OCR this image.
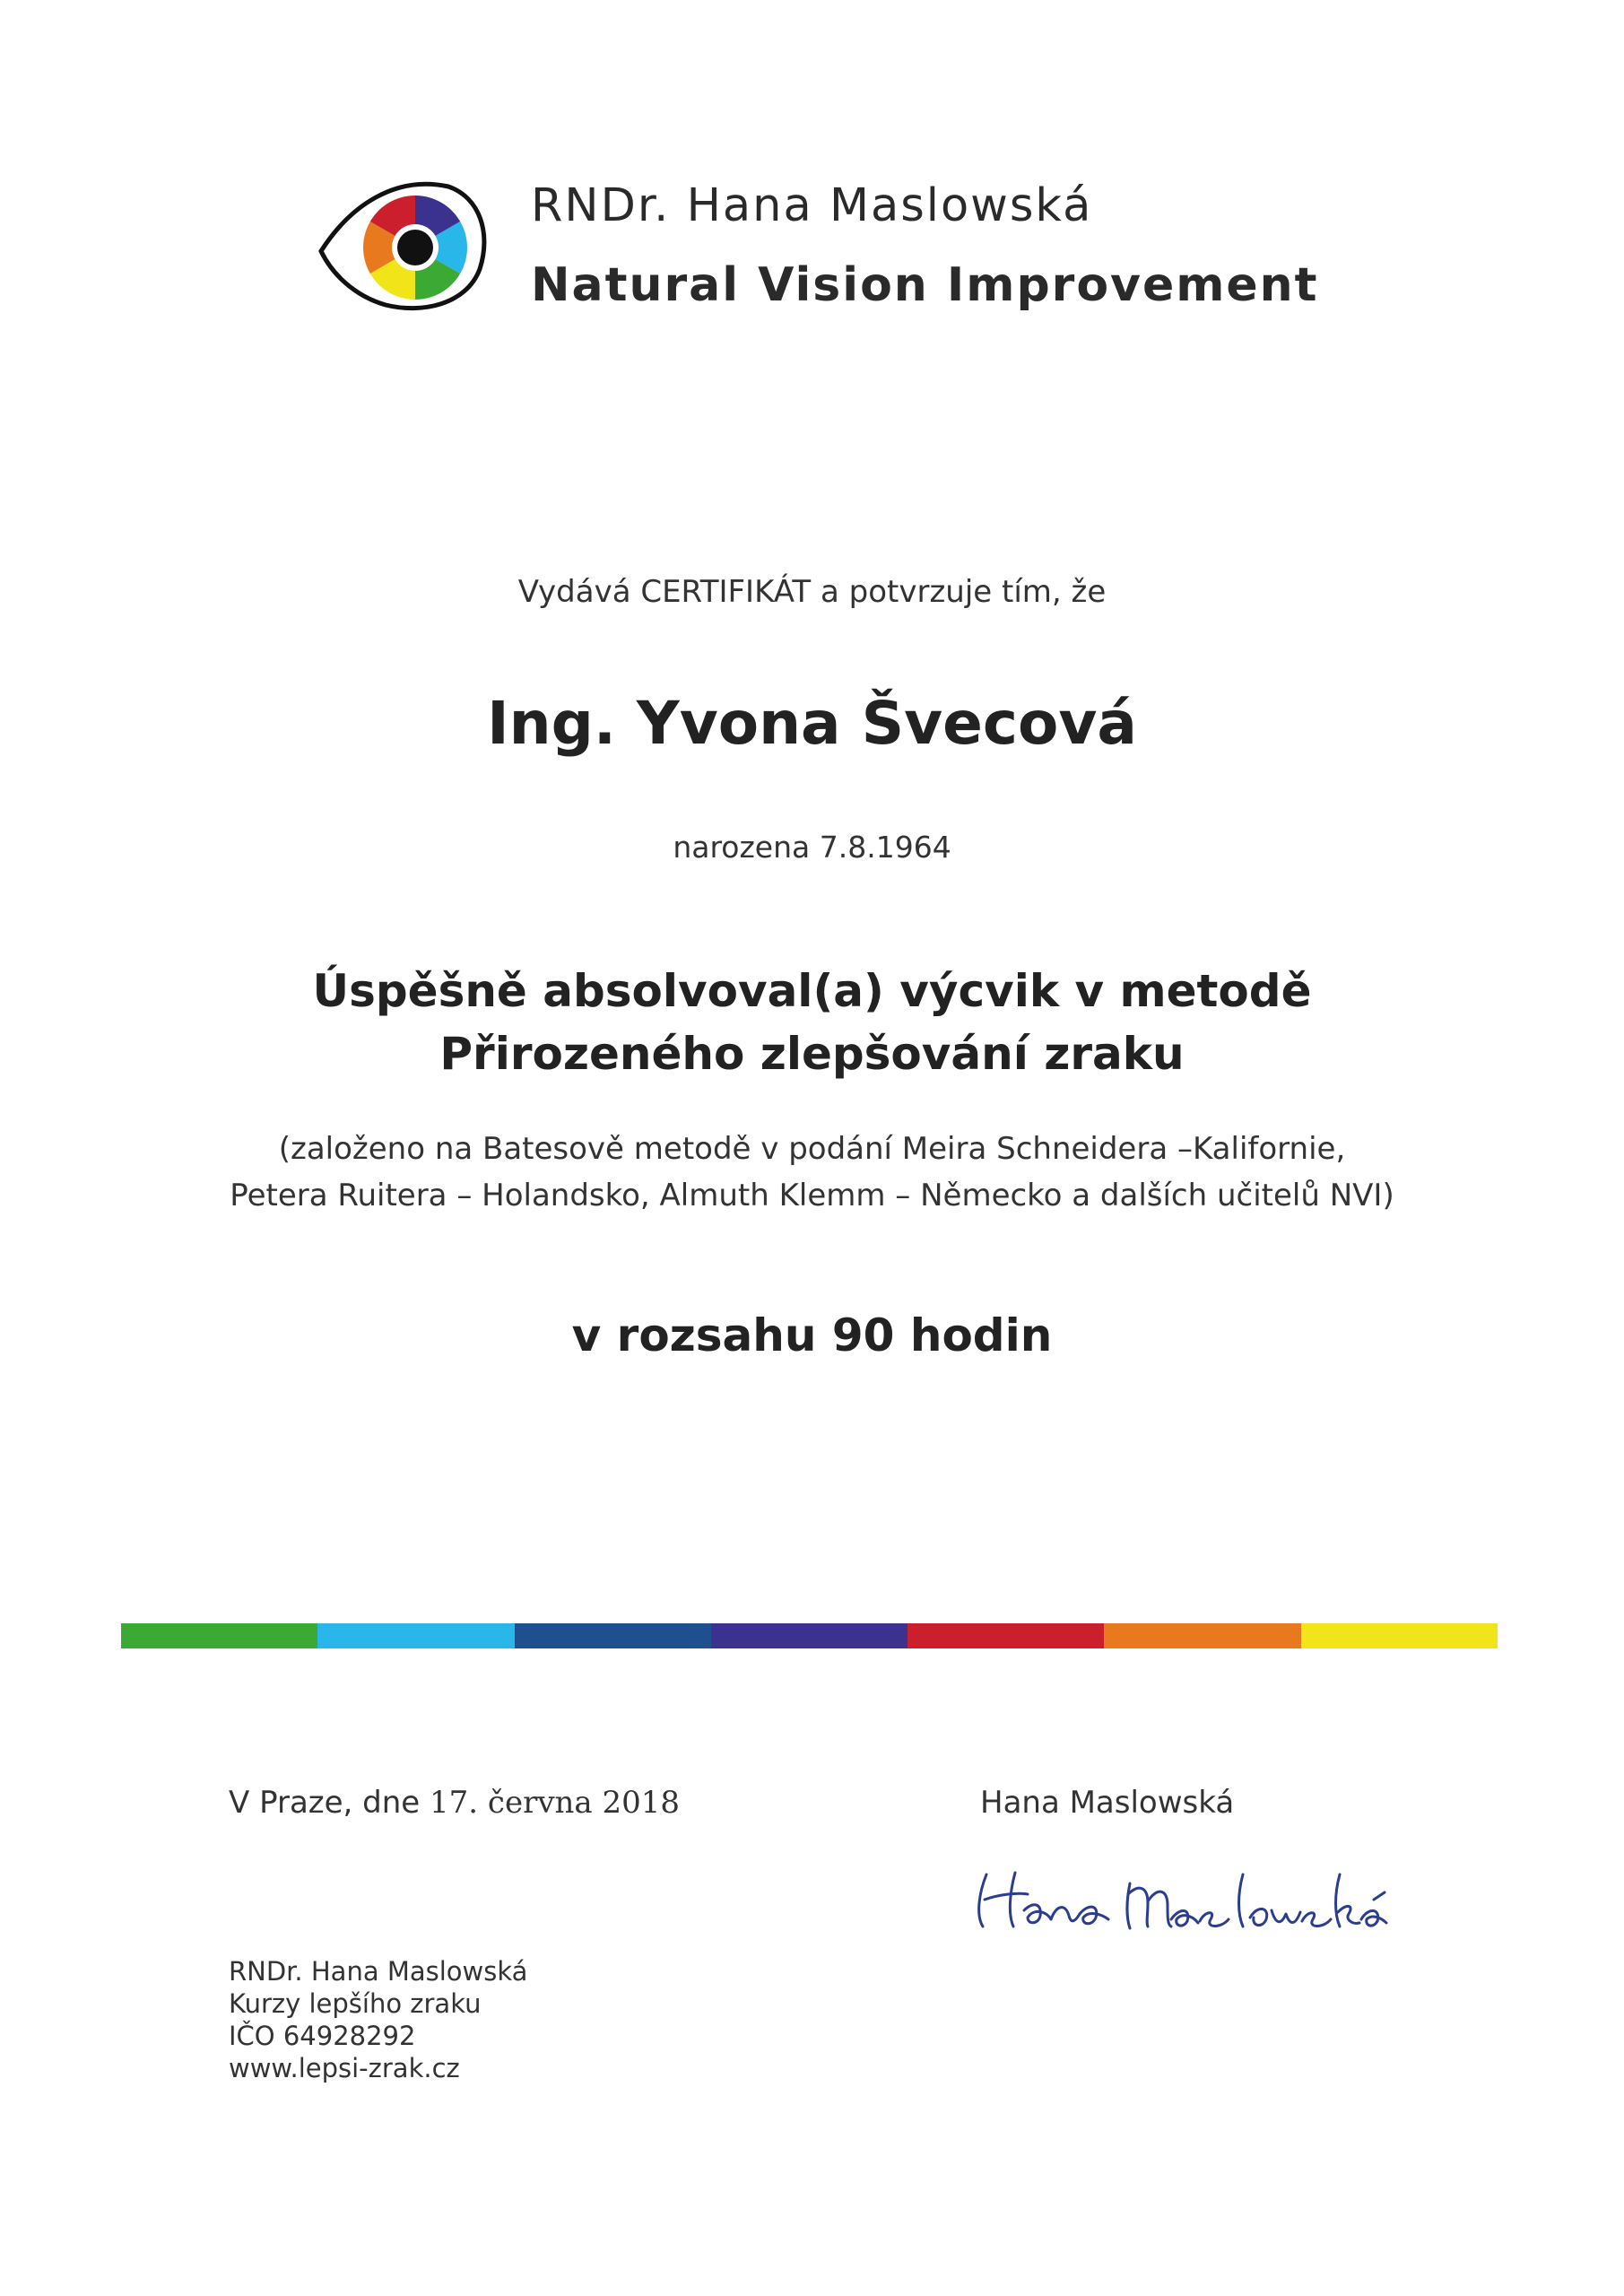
RNDr. Hana Maslowská
Natural Vision Improvement
Vydává CERTIFIKÁT a potvrzuje tím, že
Ing. Yvona Švecová
narozena 7.8.1964
Úspěšně absolvoval(a) výcvik v metodě
Přirozeného zlepšování zraku
(založeno na Batesově metodě v podání Meira Schneidera –Kalifornie,
Petera Ruitera – Holandsko, Almuth Klemm – Německo a dalších učitelů NVI)
v rozsahu 90 hodin
V Praze, dne 17. června 2018	Hana Maslowská
RNDr. Hana Maslowská
Kurzy lepšího zraku
IČO 64928292
www.lepsi-zrak.cz
